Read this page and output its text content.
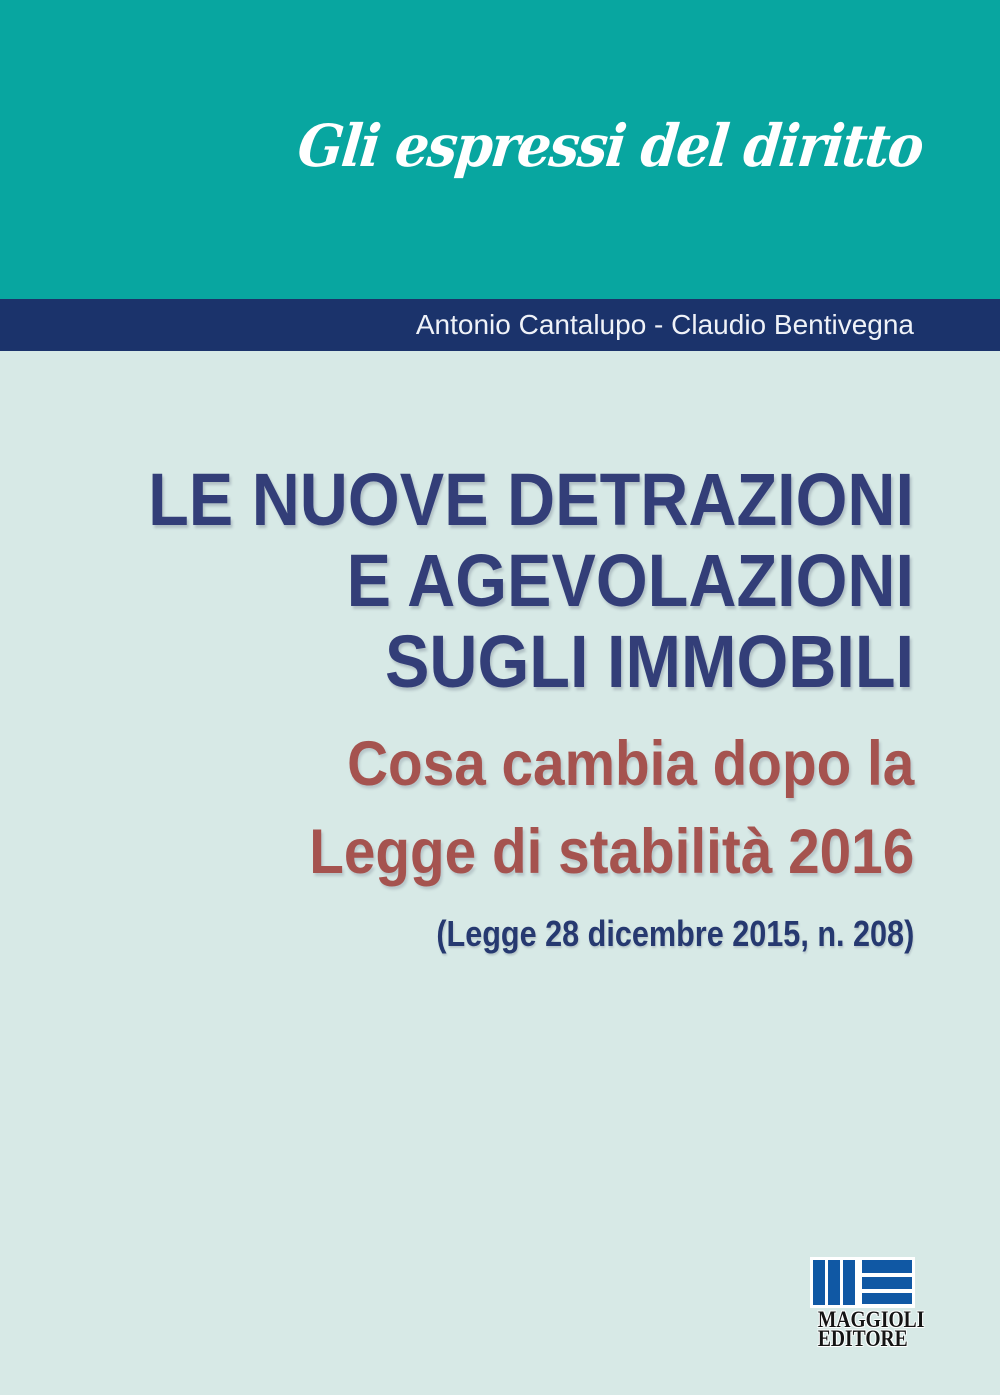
Gli espressi del diritto
Antonio Cantalupo - Claudio Bentivegna
LE NUOVE DETRAZIONI
E AGEVOLAZIONI
SUGLI IMMOBILI
Cosa cambia dopo la
Legge di stabilità 2016
(Legge 28 dicembre 2015, n. 208)
MAGGIOLI
EDITORE
